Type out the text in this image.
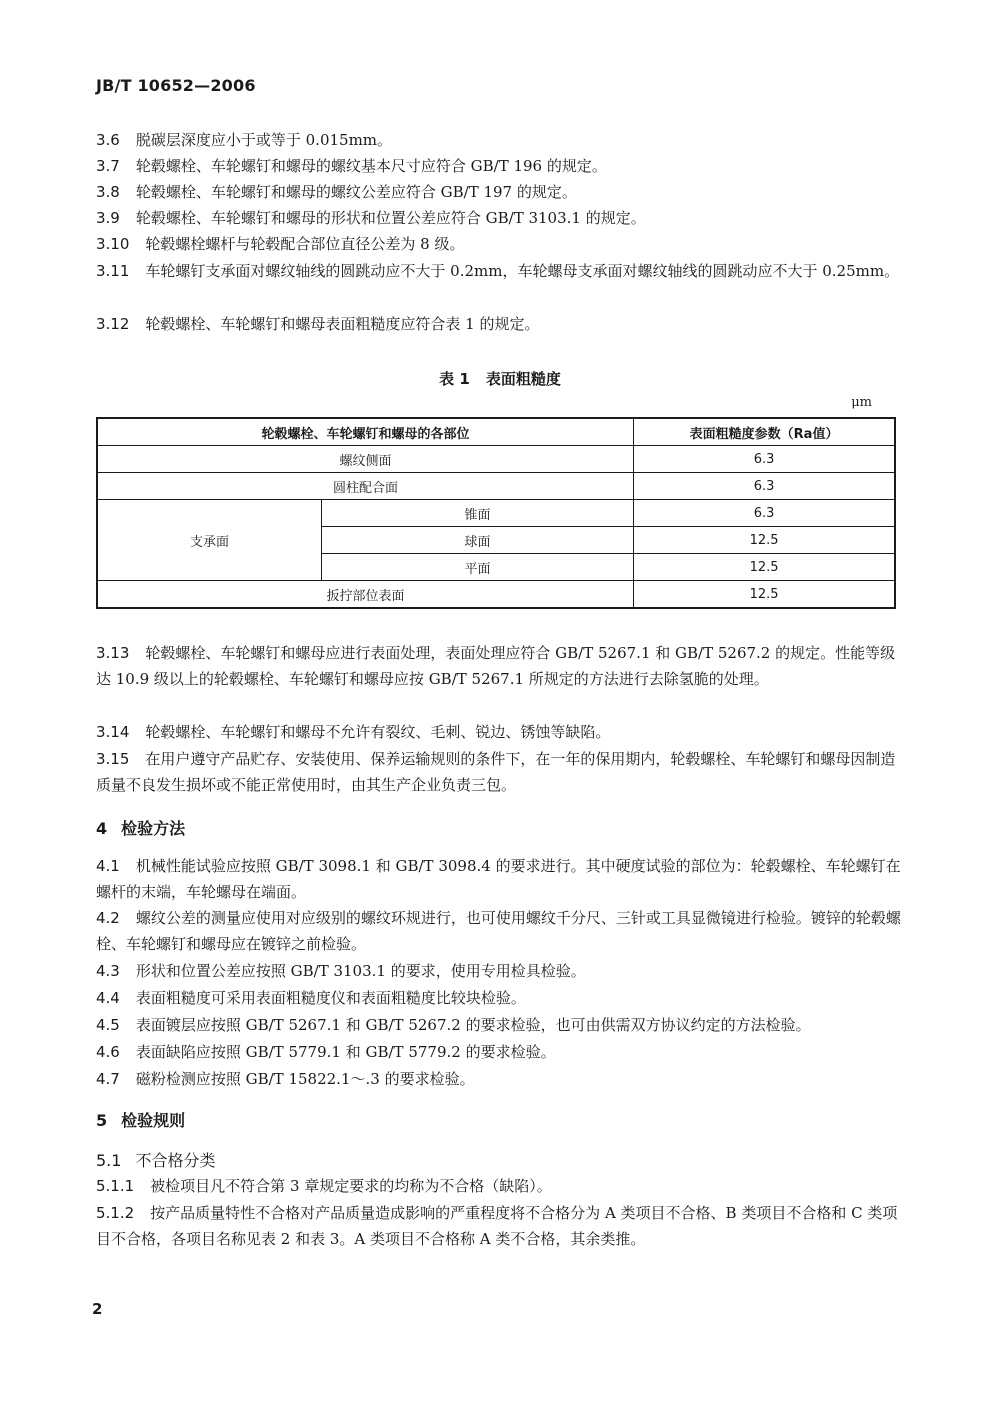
JB/T 10652—2006
3.6 脱碳层深度应小于或等于 0.015mm。
3.7 轮毂螺栓、车轮螺钉和螺母的螺纹基本尺寸应符合 GB/T 196 的规定。
3.8 轮毂螺栓、车轮螺钉和螺母的螺纹公差应符合 GB/T 197 的规定。
3.9 轮毂螺栓、车轮螺钉和螺母的形状和位置公差应符合 GB/T 3103.1 的规定。
3.10 轮毂螺栓螺杆与轮毂配合部位直径公差为 8 级。
3.11 车轮螺钉支承面对螺纹轴线的圆跳动应不大于 0.2mm，车轮螺母支承面对螺纹轴线的圆跳动应不大于 0.25mm。
3.12 轮毂螺栓、车轮螺钉和螺母表面粗糙度应符合表 1 的规定。
表 1 表面粗糙度
μm
轮毂螺栓、车轮螺钉和螺母的各部位		表面粗糙度参数（Ra值）
螺纹侧面		6.3
圆柱配合面		6.3
支承面	锥面	6.3
	球面	12.5
	平面	12.5
扳拧部位表面		12.5
3.13 轮毂螺栓、车轮螺钉和螺母应进行表面处理，表面处理应符合 GB/T 5267.1 和 GB/T 5267.2 的规定。性能等级达 10.9 级以上的轮毂螺栓、车轮螺钉和螺母应按 GB/T 5267.1 所规定的方法进行去除氢脆的处理。
3.14 轮毂螺栓、车轮螺钉和螺母不允许有裂纹、毛刺、锐边、锈蚀等缺陷。
3.15 在用户遵守产品贮存、安装使用、保养运输规则的条件下，在一年的保用期内，轮毂螺栓、车轮螺钉和螺母因制造质量不良发生损坏或不能正常使用时，由其生产企业负责三包。
4 检验方法
4.1 机械性能试验应按照 GB/T 3098.1 和 GB/T 3098.4 的要求进行。其中硬度试验的部位为：轮毂螺栓、车轮螺钉在螺杆的末端，车轮螺母在端面。
4.2 螺纹公差的测量应使用对应级别的螺纹环规进行，也可使用螺纹千分尺、三针或工具显微镜进行检验。镀锌的轮毂螺栓、车轮螺钉和螺母应在镀锌之前检验。
4.3 形状和位置公差应按照 GB/T 3103.1 的要求，使用专用检具检验。
4.4 表面粗糙度可采用表面粗糙度仪和表面粗糙度比较块检验。
4.5 表面镀层应按照 GB/T 5267.1 和 GB/T 5267.2 的要求检验，也可由供需双方协议约定的方法检验。
4.6 表面缺陷应按照 GB/T 5779.1 和 GB/T 5779.2 的要求检验。
4.7 磁粉检测应按照 GB/T 15822.1～.3 的要求检验。
5 检验规则
5.1 不合格分类
5.1.1 被检项目凡不符合第 3 章规定要求的均称为不合格（缺陷）。
5.1.2 按产品质量特性不合格对产品质量造成影响的严重程度将不合格分为 A 类项目不合格、B 类项目不合格和 C 类项目不合格，各项目名称见表 2 和表 3。A 类项目不合格称 A 类不合格，其余类推。
2
